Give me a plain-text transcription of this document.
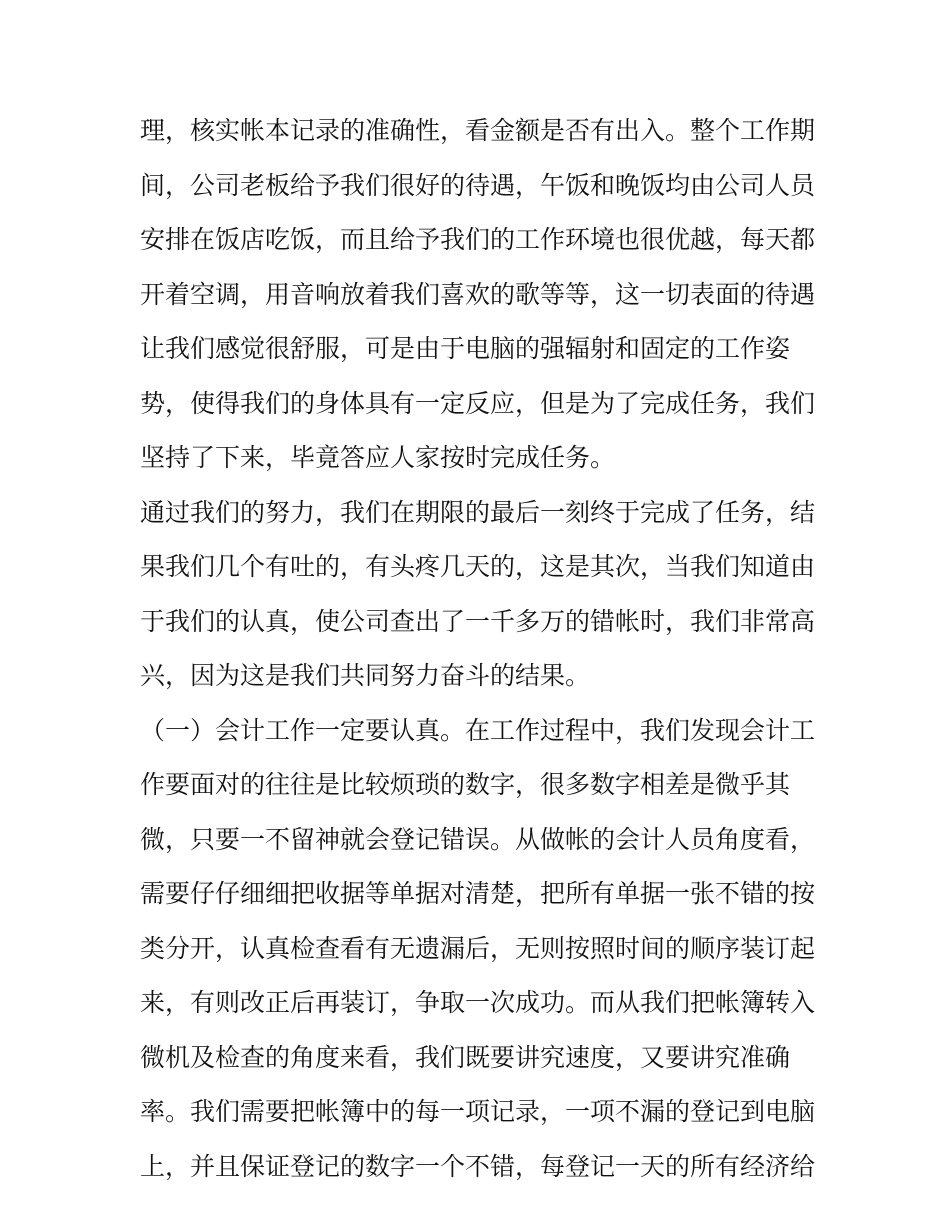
理，核实帐本记录的准确性，看金额是否有出入。整个工作期
间，公司老板给予我们很好的待遇，午饭和晚饭均由公司人员
安排在饭店吃饭，而且给予我们的工作环境也很优越，每天都
开着空调，用音响放着我们喜欢的歌等等，这一切表面的待遇
让我们感觉很舒服，可是由于电脑的强辐射和固定的工作姿
势，使得我们的身体具有一定反应，但是为了完成任务，我们
坚持了下来，毕竟答应人家按时完成任务。
通过我们的努力，我们在期限的最后一刻终于完成了任务，结
果我们几个有吐的，有头疼几天的，这是其次，当我们知道由
于我们的认真，使公司查出了一千多万的错帐时，我们非常高
兴，因为这是我们共同努力奋斗的结果。
（一）会计工作一定要认真。在工作过程中，我们发现会计工
作要面对的往往是比较烦琐的数字，很多数字相差是微乎其
微，只要一不留神就会登记错误。从做帐的会计人员角度看，
需要仔仔细细把收据等单据对清楚，把所有单据一张不错的按
类分开，认真检查看有无遗漏后，无则按照时间的顺序装订起
来，有则改正后再装订，争取一次成功。而从我们把帐簿转入
微机及检查的角度来看，我们既要讲究速度，又要讲究准确
率。我们需要把帐簿中的每一项记录，一项不漏的登记到电脑
上，并且保证登记的数字一个不错，每登记一天的所有经济给
